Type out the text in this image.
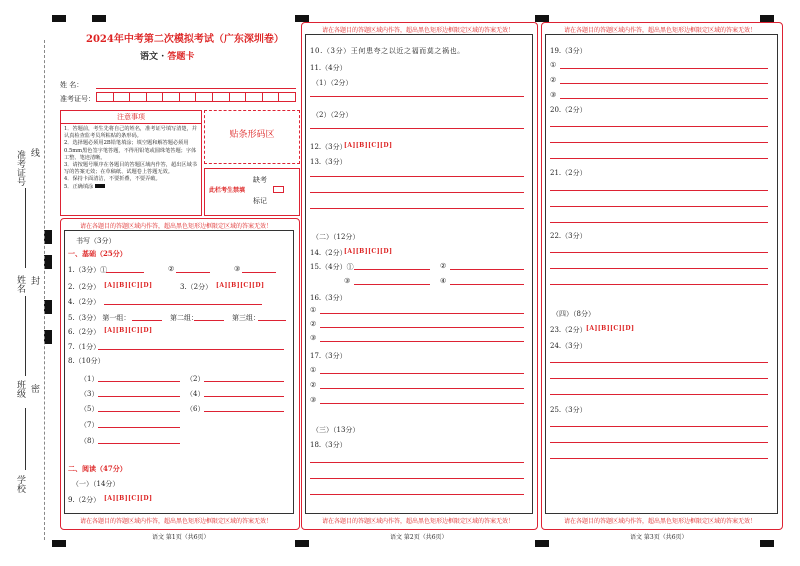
准考证号 线
姓名 封
班级 密
学校
2024年中考第二次模拟考试（广东深圳卷）
语文 · 答题卡
姓 名：
准考证号：
注意事项
1．答题前，考生先将自己的姓名，准考证号填写清楚，并认真检查监考员所粘贴的条形码。
2．选择题必须用2B铅笔填涂；填空题和解答题必须用0.5mm黑色签字笔答题，不得用铅笔或圆珠笔答题；字体工整、笔迹清晰。
3．请按题号顺序在各题目的答题区域内作答，超出区域书写的答案无效；在草稿纸、试题卷上答题无效。
4．保持卡面清洁，不要折叠，不要弄破。
5．正确填涂
贴条形码区
缺考
此栏考生禁填
标记
请在各题目的答题区域内作答，超出黑色矩形边框限定区域的答案无效！
请在各题目的答题区域内作答，超出黑色矩形边框限定区域的答案无效！
书写（3分）
一、基础（25分）
1.（3分）①	②	③
2.（2分） [A][B][C][D]	3.（2分） [A][B][C][D]
4.（2分）
5.（3分） 第一组：	第二组：	第三组：
6.（2分） [A][B][C][D]
7.（1分）
8.（10分）
（1）	（2）
（3）	（4）
（5）	（6）
（7）
（8）
二、阅读（47分）
（一）（14分）
9.（2分） [A][B][C][D]
语文 第1页（共6页）
请在各题目的答题区域内作答，超出黑色矩形边框限定区域的答案无效！
请在各题目的答题区域内作答，超出黑色矩形边框限定区域的答案无效！
10.（3分）王何患夸之以近之福而莫之祸也。
11.（4分）
（1）（2分）
（2）（2分）
12.（3分）
[A][B][C][D]
13.（3分）
（二）（12分）
14.（2分）
[A][B][C][D]
15.（4分）①	②
③	④
16.（3分）
①
②
③
17.（3分）
①
②
③
（三）（13分）
18.（3分）
语文 第2页（共6页）
请在各题目的答题区域内作答，超出黑色矩形边框限定区域的答案无效！
请在各题目的答题区域内作答，超出黑色矩形边框限定区域的答案无效！
19.（3分）
①
②
③
20.（2分）
21.（2分）
22.（3分）
（四）（8分）
23.（2分） [A][B][C][D]
24.（3分）
25.（3分）
语文 第3页（共6页）
